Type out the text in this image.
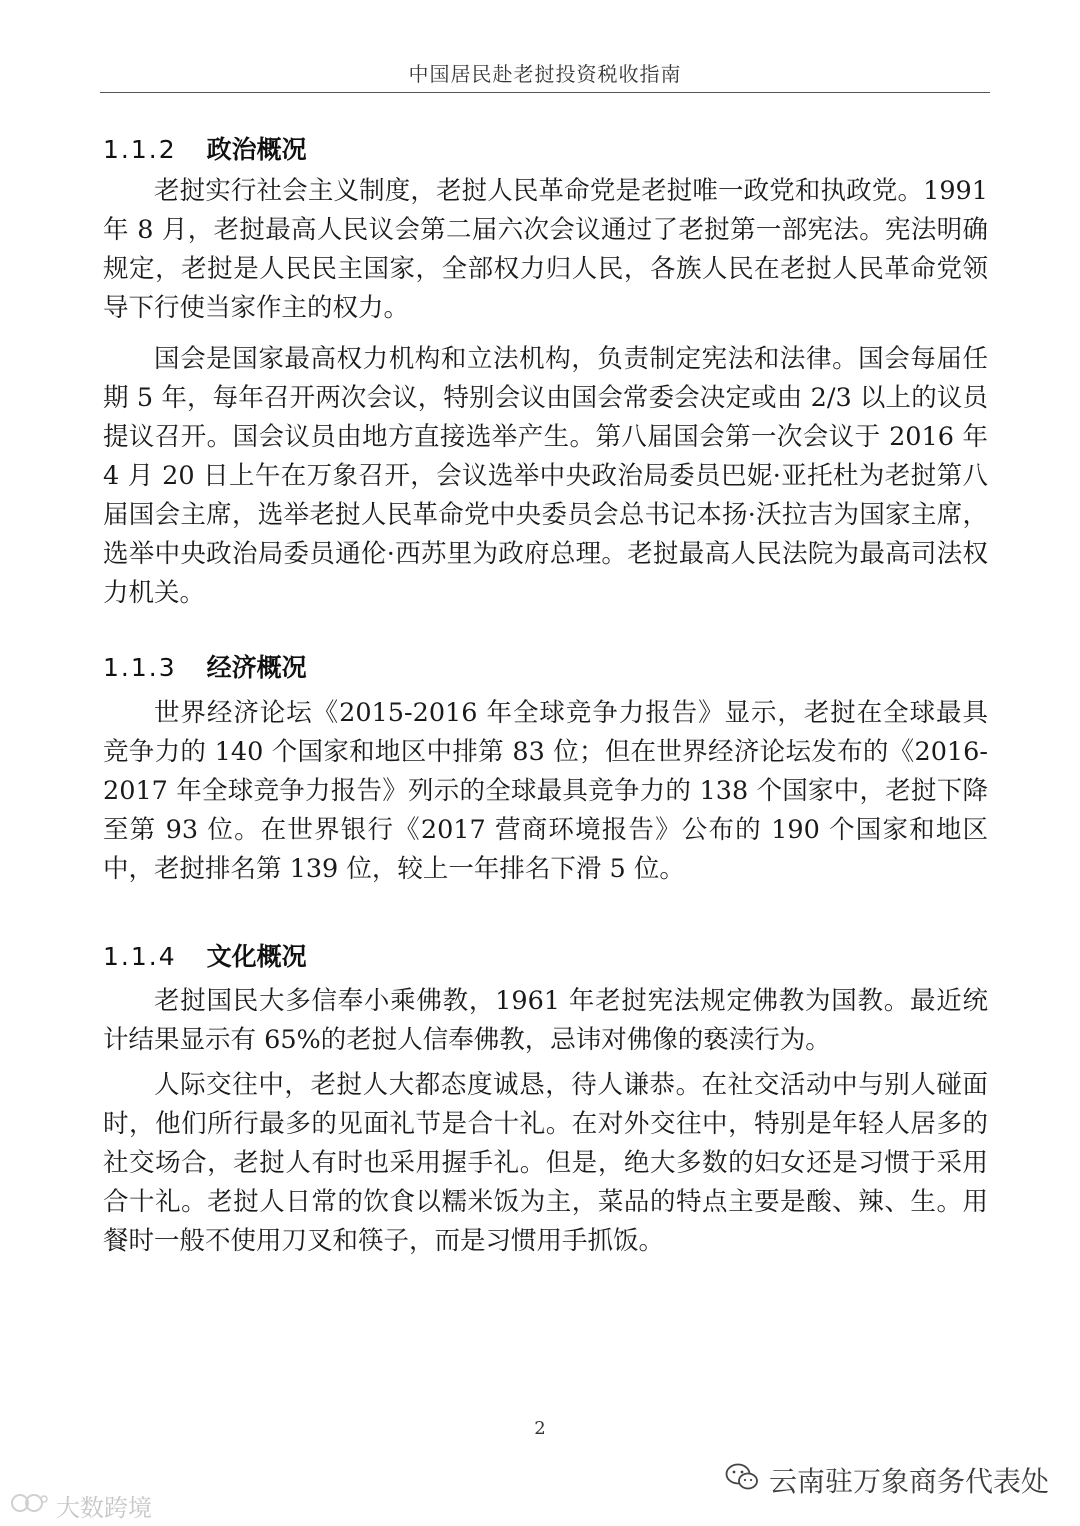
中国居民赴老挝投资税收指南
1.1.2 政治概况

老挝实行社会主义制度，老挝人民革命党是老挝唯一政党和执政党。1991年 8 月，老挝最高人民议会第二届六次会议通过了老挝第一部宪法。宪法明确规定，老挝是人民民主国家，全部权力归人民，各族人民在老挝人民革命党领导下行使当家作主的权力。

国会是国家最高权力机构和立法机构，负责制定宪法和法律。国会每届任期 5 年，每年召开两次会议，特别会议由国会常委会决定或由 2/3 以上的议员提议召开。国会议员由地方直接选举产生。第八届国会第一次会议于 2016 年 4 月 20 日上午在万象召开，会议选举中央政治局委员巴妮·亚托杜为老挝第八届国会主席，选举老挝人民革命党中央委员会总书记本扬·沃拉吉为国家主席，选举中央政治局委员通伦·西苏里为政府总理。老挝最高人民法院为最高司法权力机关。

1.1.3 经济概况

世界经济论坛《2015-2016 年全球竞争力报告》显示，老挝在全球最具竞争力的 140 个国家和地区中排第 83 位；但在世界经济论坛发布的《2016-2017 年全球竞争力报告》列示的全球最具竞争力的 138 个国家中，老挝下降至第 93 位。在世界银行《2017 营商环境报告》公布的 190 个国家和地区中，老挝排名第 139 位，较上一年排名下滑 5 位。

1.1.4 文化概况

老挝国民大多信奉小乘佛教，1961 年老挝宪法规定佛教为国教。最近统计结果显示有 65%的老挝人信奉佛教，忌讳对佛像的亵渎行为。

人际交往中，老挝人大都态度诚恳，待人谦恭。在社交活动中与别人碰面时，他们所行最多的见面礼节是合十礼。在对外交往中，特别是年轻人居多的社交场合，老挝人有时也采用握手礼。但是，绝大多数的妇女还是习惯于采用合十礼。老挝人日常的饮食以糯米饭为主，菜品的特点主要是酸、辣、生。用餐时一般不使用刀叉和筷子，而是习惯用手抓饭。

2
云南驻万象商务代表处
大数跨境
